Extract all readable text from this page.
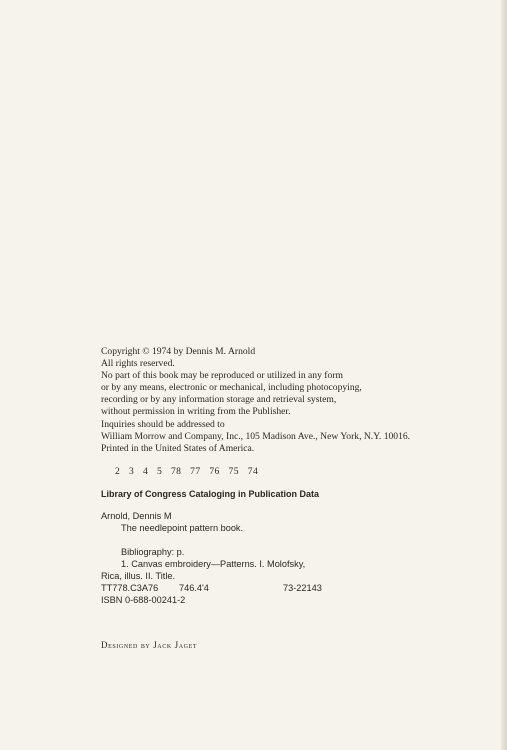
Copyright © 1974 by Dennis M. Arnold
All rights reserved.
No part of this book may be reproduced or utilized in any form
or by any means, electronic or mechanical, including photocopying,
recording or by any information storage and retrieval system,
without permission in writing from the Publisher.
Inquiries should be addressed to
William Morrow and Company, Inc., 105 Madison Ave., New York, N.Y. 10016.
Printed in the United States of America.
2 3 4 5 78 77 76 75 74
Library of Congress Cataloging in Publication Data
Arnold, Dennis M
The needlepoint pattern book.
Bibliography: p.
1. Canvas embroidery—Patterns. I. Molofsky,
Rica, illus. II. Title.
TT778.C3A76 746.4'4	73-22143
ISBN 0-688-00241-2
Designed by Jack Jaget
